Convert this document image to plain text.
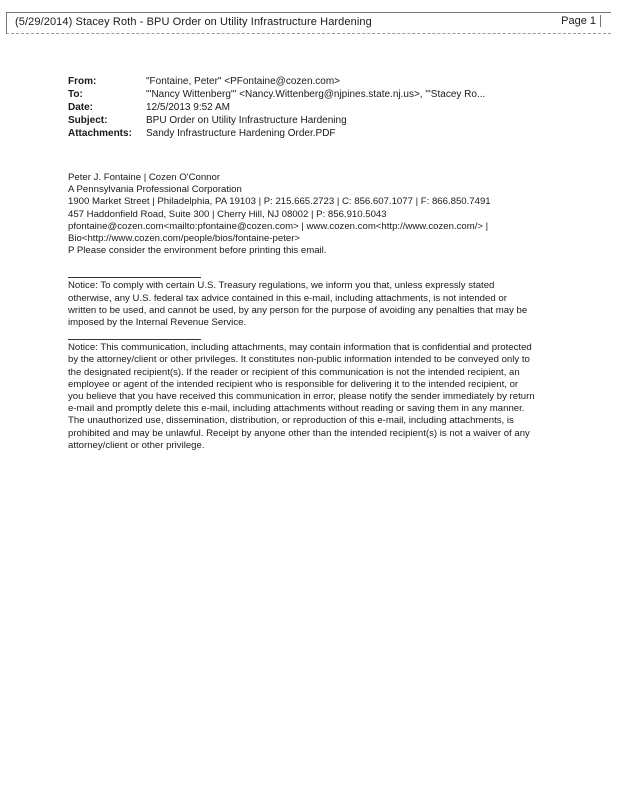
(5/29/2014) Stacey Roth - BPU Order on Utility Infrastructure Hardening	Page 1
From:	"Fontaine, Peter" <PFontaine@cozen.com>
To:	"'Nancy Wittenberg'" <Nancy.Wittenberg@njpines.state.nj.us>, "'Stacey Ro...
Date:	12/5/2013 9:52 AM
Subject:	BPU Order on Utility Infrastructure Hardening
Attachments:	Sandy Infrastructure Hardening Order.PDF
Peter J. Fontaine | Cozen O'Connor
A Pennsylvania Professional Corporation
1900 Market Street | Philadelphia, PA 19103 | P: 215.665.2723 | C: 856.607.1077 | F: 866.850.7491
457 Haddonfield Road, Suite 300 | Cherry Hill, NJ 08002 | P: 856.910.5043
pfontaine@cozen.com<mailto:pfontaine@cozen.com> | www.cozen.com<http://www.cozen.com/> |
Bio<http://www.cozen.com/people/bios/fontaine-peter>
P Please consider the environment before printing this email.

Notice: To comply with certain U.S. Treasury regulations, we inform you that, unless expressly stated otherwise, any U.S. federal tax advice contained in this e-mail, including attachments, is not intended or written to be used, and cannot be used, by any person for the purpose of avoiding any penalties that may be imposed by the Internal Revenue Service.

Notice: This communication, including attachments, may contain information that is confidential and protected by the attorney/client or other privileges. It constitutes non-public information intended to be conveyed only to the designated recipient(s). If the reader or recipient of this communication is not the intended recipient, an employee or agent of the intended recipient who is responsible for delivering it to the intended recipient, or you believe that you have received this communication in error, please notify the sender immediately by return e-mail and promptly delete this e-mail, including attachments without reading or saving them in any manner. The unauthorized use, dissemination, distribution, or reproduction of this e-mail, including attachments, is prohibited and may be unlawful. Receipt by anyone other than the intended recipient(s) is not a waiver of any attorney/client or other privilege.
